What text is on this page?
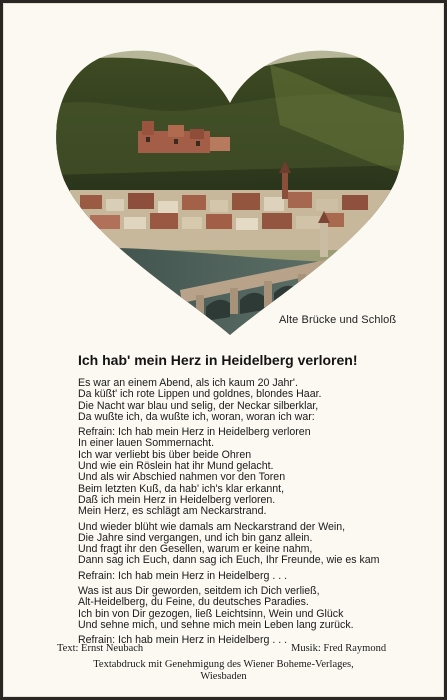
Alte Brücke und Schloß
Ich hab' mein Herz in Heidelberg verloren!
Es war an einem Abend, als ich kaum 20 Jahr'.
Da küßt' ich rote Lippen und goldnes, blondes Haar.
Die Nacht war blau und selig, der Neckar silberklar,
Da wußte ich, da wußte ich, woran, woran ich war:
Refrain: Ich hab mein Herz in Heidelberg verloren
In einer lauen Sommernacht.
Ich war verliebt bis über beide Ohren
Und wie ein Röslein hat ihr Mund gelacht.
Und als wir Abschied nahmen vor den Toren
Beim letzten Kuß, da hab' ich's klar erkannt,
Daß ich mein Herz in Heidelberg verloren.
Mein Herz, es schlägt am Neckarstrand.
Und wieder blüht wie damals am Neckarstrand der Wein,
Die Jahre sind vergangen, und ich bin ganz allein.
Und fragt ihr den Gesellen, warum er keine nahm,
Dann sag ich Euch, dann sag ich Euch, Ihr Freunde, wie es kam
Refrain: Ich hab mein Herz in Heidelberg . . .
Was ist aus Dir geworden, seitdem ich Dich verließ,
Alt-Heidelberg, du Feine, du deutsches Paradies.
Ich bin von Dir gezogen, ließ Leichtsinn, Wein und Glück
Und sehne mich, und sehne mich mein Leben lang zurück.
Refrain: Ich hab mein Herz in Heidelberg . . .
Text: Ernst Neubach	Musik: Fred Raymond
Textabdruck mit Genehmigung des Wiener Boheme-Verlages,
Wiesbaden
